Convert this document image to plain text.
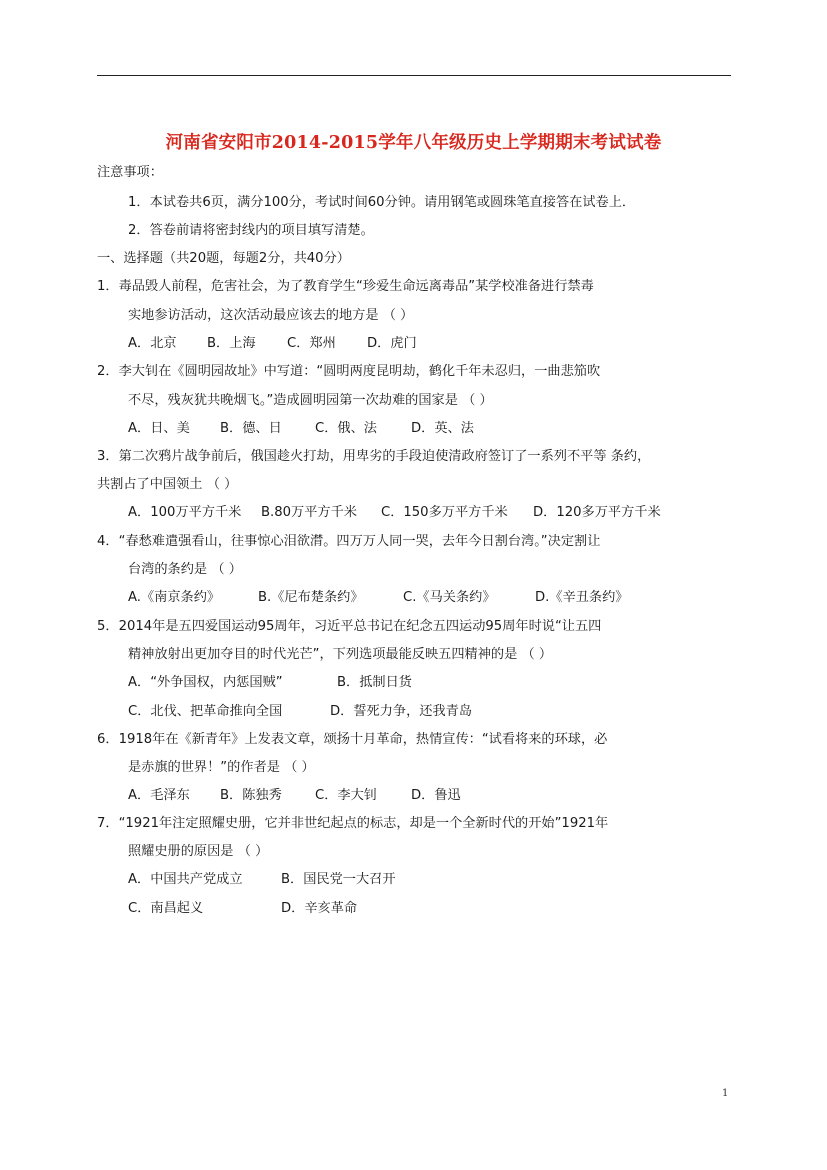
河南省安阳市2014-2015学年八年级历史上学期期末考试试卷
注意事项：
1．本试卷共6页，满分100分，考试时间60分钟。请用钢笔或圆珠笔直接答在试卷上．
2．答卷前请将密封线内的项目填写清楚。
一、选择题（共20题，每题2分，共40分）
1．毒品毁人前程，危害社会，为了教育学生“珍爱生命远离毒品”某学校准备进行禁毒
实地参访活动，这次活动最应该去的地方是 （ ）
A．北京 B．上海 C．郑州 D．虎门
2．李大钊在《圆明园故址》中写道：“圆明两度昆明劫，鹤化千年未忍归，一曲悲笳吹
不尽，残灰犹共晚烟飞。”造成圆明园第一次劫难的国家是 （ ）
A．日、美 B．德、日	C．俄、法	D．英、法
3．第二次鸦片战争前后，俄国趁火打劫，用卑劣的手段迫使清政府签订了一系列不平等 条约，
共割占了中国领土 （ ）
A．100万平方千米 B.80万平方千米 C．150多万平方千米 D．120多万平方千米
4．“春愁难遣强看山，往事惊心泪欲潸。四万万人同一哭，去年今日割台湾。”决定割让
台湾的条约是 （ ）
A.《南京条约》	B.《尼布楚条约》	C.《马关条约》	D.《辛丑条约》
5．2014年是五四爱国运动95周年，习近平总书记在纪念五四运动95周年时说“让五四
精神放射出更加夺目的时代光芒”，下列选项最能反映五四精神的是 （ ）
A．“外争国权，内惩国贼”	B．抵制日货
C．北伐、把革命推向全国	D．誓死力争，还我青岛
6．1918年在《新青年》上发表文章，颂扬十月革命，热情宣传：“试看将来的环球，必
是赤旗的世界！”的作者是 （ ）
A．毛泽东 B．陈独秀	C．李大钊	D．鲁迅
7．“1921年注定照耀史册，它并非世纪起点的标志，却是一个全新时代的开始”1921年
照耀史册的原因是 （ ）
A．中国共产党成立	B．国民党一大召开
C．南昌起义	D．辛亥革命
1
